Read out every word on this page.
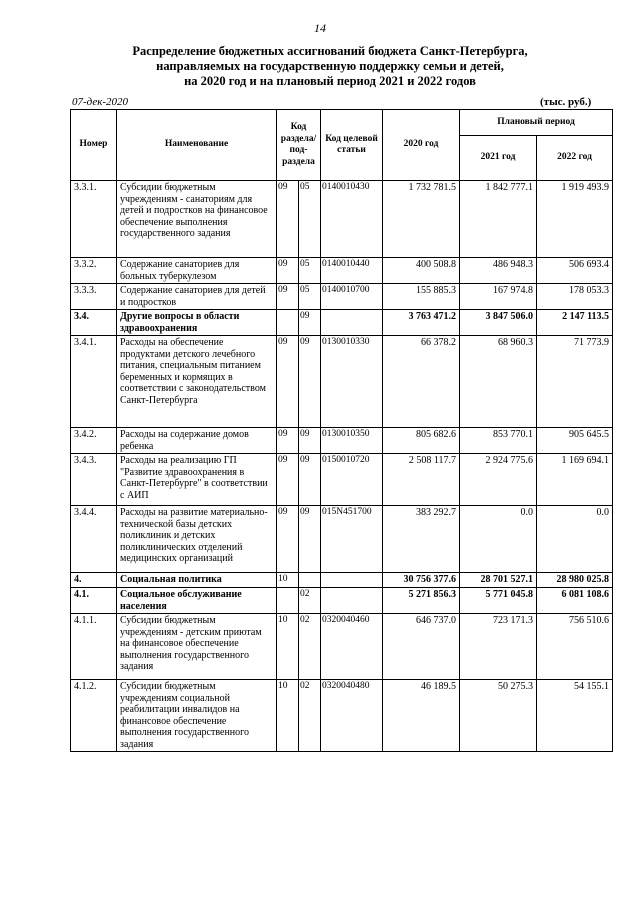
14
Распределение бюджетных ассигнований бюджета Санкт-Петербурга,
направляемых на государственную поддержку семьи и детей,
на 2020 год и на плановый период 2021 и 2022 годов
07-дек-2020	(тыс. руб.)
Номер	Наименование	Код раздела/ под- раздела		Код целевой статьи	2020 год	Плановый период	
						2021 год	2022 год
3.3.1.	Субсидии бюджетным учреждениям - санаториям для детей и подростков на финансовое обеспечение выполнения государственного задания	09	05	0140010430	1 732 781.5	1 842 777.1	1 919 493.9
3.3.2.	Содержание санаториев для больных туберкулезом	09	05	0140010440	400 508.8	486 948.3	506 693.4
3.3.3.	Содержание санаториев для детей и подростков	09	05	0140010700	155 885.3	167 974.8	178 053.3
3.4.	Другие вопросы в области здравоохранения		09		3 763 471.2	3 847 506.0	2 147 113.5
3.4.1.	Расходы на обеспечение продуктами детского лечебного питания, специальным питанием беременных и кормящих в соответствии с законодательством Санкт-Петербурга	09	09	0130010330	66 378.2	68 960.3	71 773.9
3.4.2.	Расходы на содержание домов ребенка	09	09	0130010350	805 682.6	853 770.1	905 645.5
3.4.3.	Расходы на реализацию ГП "Развитие здравоохранения в Санкт-Петербурге" в соответствии с АИП	09	09	0150010720	2 508 117.7	2 924 775.6	1 169 694.1
3.4.4.	Расходы на развитие материально-технической базы детских поликлиник и детских поликлинических отделений медицинских организаций	09	09	015N451700	383 292.7	0.0	0.0
4.	Социальная политика	10			30 756 377.6	28 701 527.1	28 980 025.8
4.1.	Социальное обслуживание населения		02		5 271 856.3	5 771 045.8	6 081 108.6
4.1.1.	Субсидии бюджетным учреждениям - детским приютам на финансовое обеспечение выполнения государственного задания	10	02	0320040460	646 737.0	723 171.3	756 510.6
4.1.2.	Субсидии бюджетным учреждениям социальной реабилитации инвалидов на финансовое обеспечение выполнения государственного задания	10	02	0320040480	46 189.5	50 275.3	54 155.1
